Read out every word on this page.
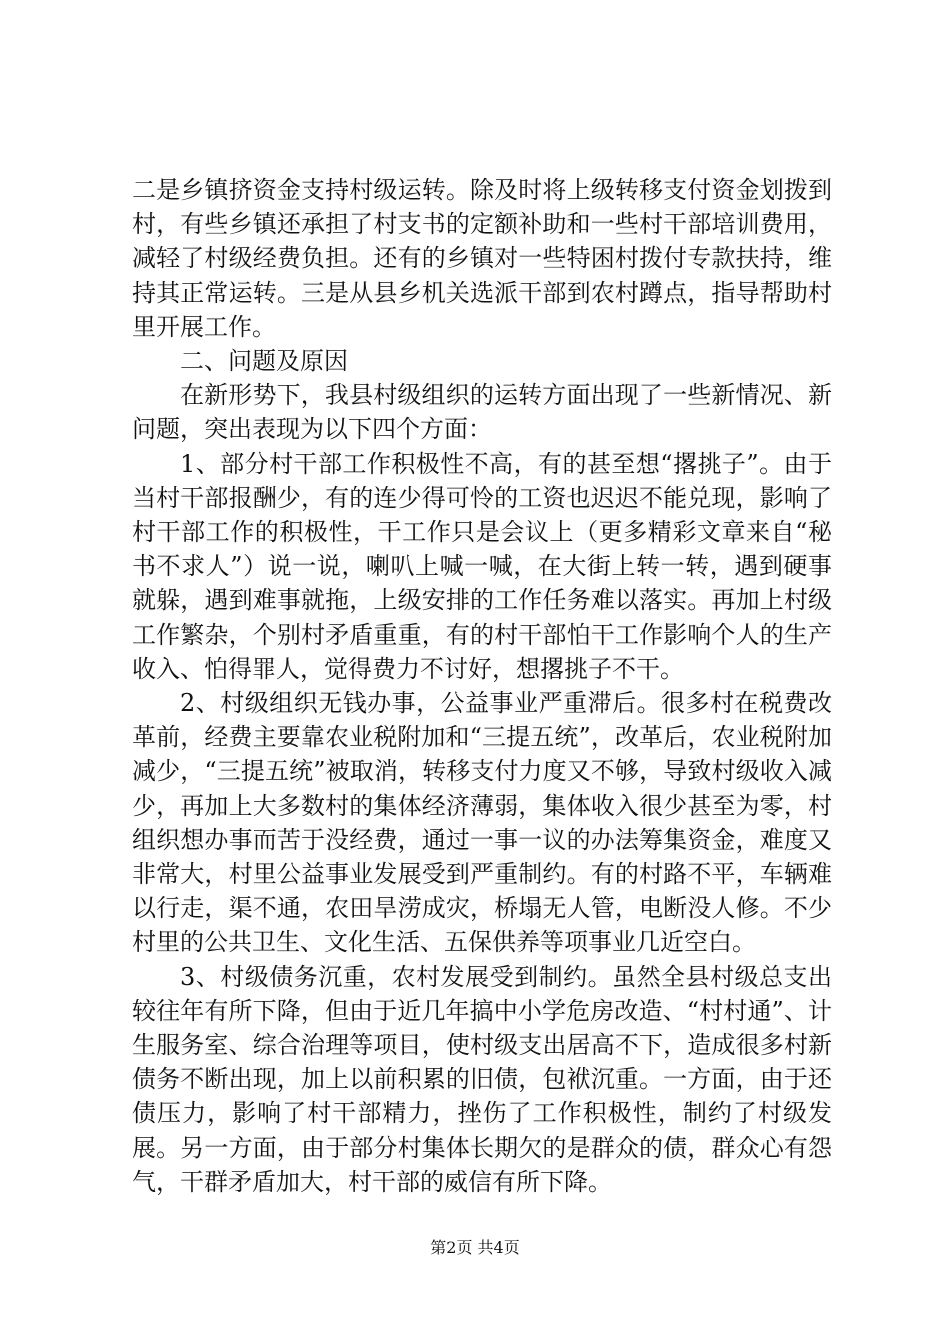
二是乡镇挤资金支持村级运转。除及时将上级转移支付资金划拨到村，有些乡镇还承担了村支书的定额补助和一些村干部培训费用，减轻了村级经费负担。还有的乡镇对一些特困村拨付专款扶持，维持其正常运转。三是从县乡机关选派干部到农村蹲点，指导帮助村里开展工作。

二、问题及原因

在新形势下，我县村级组织的运转方面出现了一些新情况、新问题，突出表现为以下四个方面：

1、部分村干部工作积极性不高，有的甚至想“撂挑子”。由于当村干部报酬少，有的连少得可怜的工资也迟迟不能兑现，影响了村干部工作的积极性，干工作只是会议上（更多精彩文章来自“秘书不求人”）说一说，喇叭上喊一喊，在大街上转一转，遇到硬事就躲，遇到难事就拖，上级安排的工作任务难以落实。再加上村级工作繁杂，个别村矛盾重重，有的村干部怕干工作影响个人的生产收入、怕得罪人，觉得费力不讨好，想撂挑子不干。

2、村级组织无钱办事，公益事业严重滞后。很多村在税费改革前，经费主要靠农业税附加和“三提五统”，改革后，农业税附加减少，“三提五统”被取消，转移支付力度又不够，导致村级收入减少，再加上大多数村的集体经济薄弱，集体收入很少甚至为零，村组织想办事而苦于没经费，通过一事一议的办法筹集资金，难度又非常大，村里公益事业发展受到严重制约。有的村路不平，车辆难以行走，渠不通，农田旱涝成灾，桥塌无人管，电断没人修。不少村里的公共卫生、文化生活、五保供养等项事业几近空白。

3、村级债务沉重，农村发展受到制约。虽然全县村级总支出较往年有所下降，但由于近几年搞中小学危房改造、“村村通”、计生服务室、综合治理等项目，使村级支出居高不下，造成很多村新债务不断出现，加上以前积累的旧债，包袱沉重。一方面，由于还债压力，影响了村干部精力，挫伤了工作积极性，制约了村级发展。另一方面，由于部分村集体长期欠的是群众的债，群众心有怨气，干群矛盾加大，村干部的威信有所下降。

第2页 共4页
